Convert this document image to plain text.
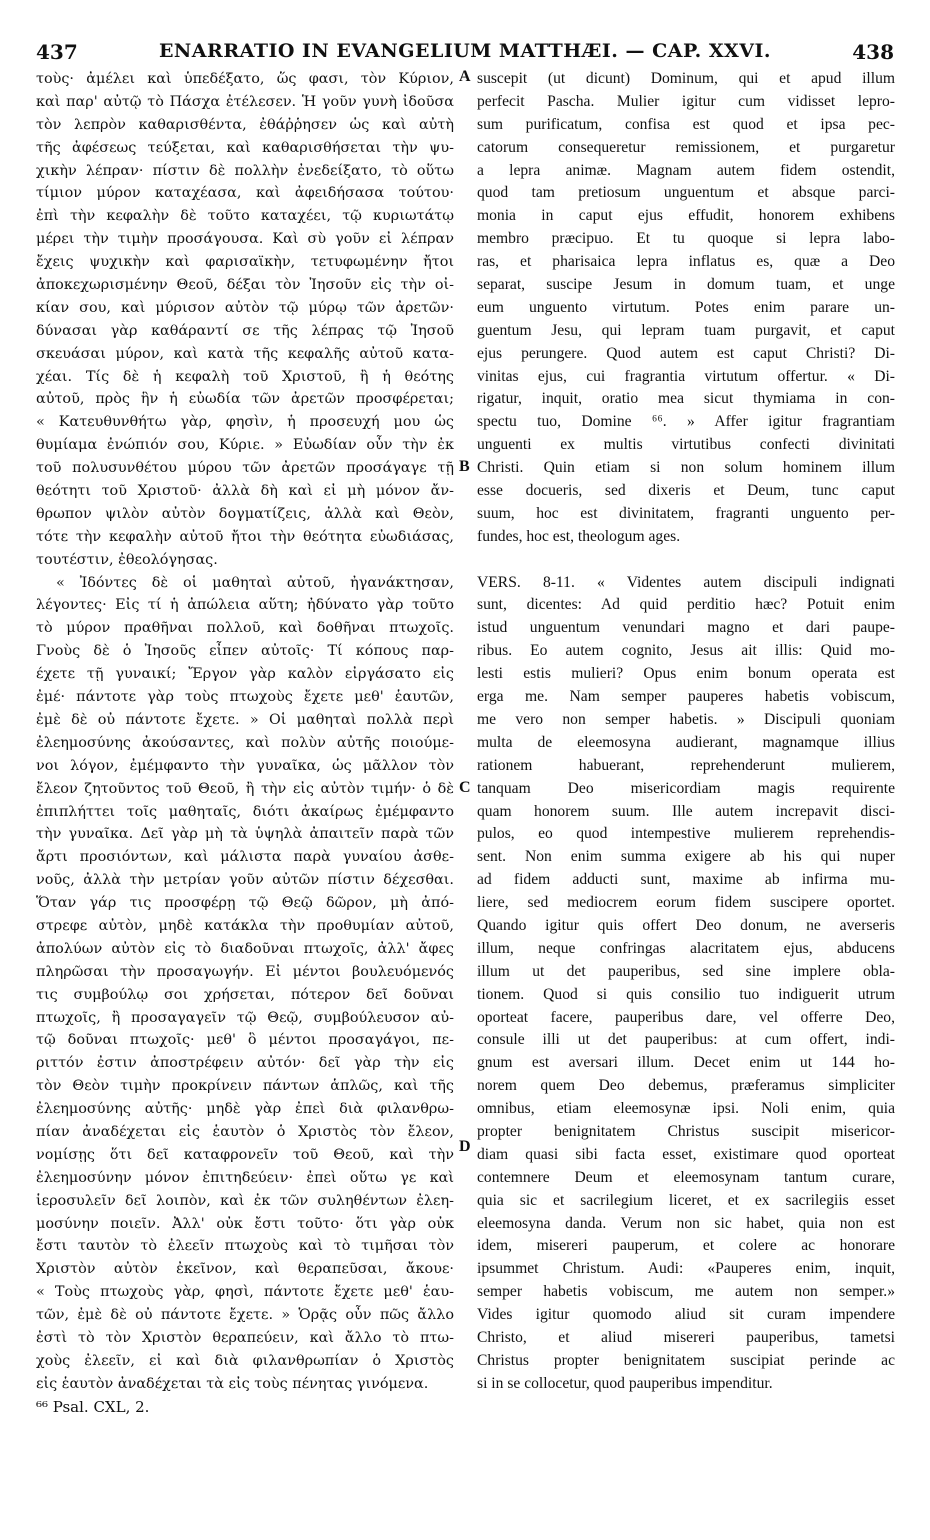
437	ENARRATIO IN EVANGELIUM MATTHÆI. — CAP. XXVI.	438
A
B
C
D
τοὺς· ἀμέλει καὶ ὑπεδέξατο, ὥς φασι, τὸν Κύριον,
καὶ παρ' αὐτῷ τὸ Πάσχα ἐτέλεσεν. Ἡ γοῦν γυνὴ ἰδοῦσα
τὸν λεπρὸν καθαρισθέντα, ἐθάῤῥησεν ὡς καὶ αὐτὴ
τῆς ἀφέσεως τεύξεται, καὶ καθαρισθήσεται τὴν ψυ-
χικὴν λέπραν· πίστιν δὲ πολλὴν ἐνεδείξατο, τὸ οὕτω
τίμιον μύρον καταχέασα, καὶ ἀφειδήσασα τούτου·
ἐπὶ τὴν κεφαλὴν δὲ τοῦτο καταχέει, τῷ κυριωτάτῳ
μέρει τὴν τιμὴν προσάγουσα. Καὶ σὺ γοῦν εἰ λέπραν
ἔχεις ψυχικὴν καὶ φαρισαϊκὴν, τετυφωμένην ἤτοι
ἀποκεχωρισμένην Θεοῦ, δέξαι τὸν Ἰησοῦν εἰς τὴν οἰ-
κίαν σου, καὶ μύρισον αὐτὸν τῷ μύρῳ τῶν ἀρετῶν·
δύνασαι γὰρ καθάραντί σε τῆς λέπρας τῷ Ἰησοῦ
σκευάσαι μύρον, καὶ κατὰ τῆς κεφαλῆς αὐτοῦ κατα-
χέαι. Τίς δὲ ἡ κεφαλὴ τοῦ Χριστοῦ, ἢ ἡ θεότης
αὐτοῦ, πρὸς ἣν ἡ εὐωδία τῶν ἀρετῶν προσφέρεται;
« Κατευθυνθήτω γὰρ, φησὶν, ἡ προσευχή μου ὡς
θυμίαμα ἐνώπιόν σου, Κύριε. » Εὐωδίαν οὖν τὴν ἐκ
τοῦ πολυσυνθέτου μύρου τῶν ἀρετῶν προσάγαγε τῇ
θεότητι τοῦ Χριστοῦ· ἀλλὰ δὴ καὶ εἰ μὴ μόνον ἄν-
θρωπον ψιλὸν αὐτὸν δογματίζεις, ἀλλὰ καὶ Θεὸν,
τότε τὴν κεφαλὴν αὐτοῦ ἤτοι τὴν θεότητα εὐωδιάσας,
τουτέστιν, ἐθεολόγησας.
« Ἰδόντες δὲ οἱ μαθηταὶ αὐτοῦ, ἠγανάκτησαν,
λέγοντες· Εἰς τί ἡ ἀπώλεια αὕτη; ἠδύνατο γὰρ τοῦτο
τὸ μύρον πραθῆναι πολλοῦ, καὶ δοθῆναι πτωχοῖς.
Γνοὺς δὲ ὁ Ἰησοῦς εἶπεν αὐτοῖς· Τί κόπους παρ-
έχετε τῇ γυναικί; Ἔργον γὰρ καλὸν εἰργάσατο εἰς
ἐμέ· πάντοτε γὰρ τοὺς πτωχοὺς ἔχετε μεθ' ἑαυτῶν,
ἐμὲ δὲ οὐ πάντοτε ἔχετε. » Οἱ μαθηταὶ πολλὰ περὶ
ἐλεημοσύνης ἀκούσαντες, καὶ πολὺν αὐτῆς ποιούμε-
νοι λόγον, ἐμέμφαντο τὴν γυναῖκα, ὡς μᾶλλον τὸν
ἔλεον ζητοῦντος τοῦ Θεοῦ, ἢ τὴν εἰς αὐτὸν τιμήν· ὁ δὲ
ἐπιπλήττει τοῖς μαθηταῖς, διότι ἀκαίρως ἐμέμφαντο
τὴν γυναῖκα. Δεῖ γὰρ μὴ τὰ ὑψηλὰ ἀπαιτεῖν παρὰ τῶν
ἄρτι προσιόντων, καὶ μάλιστα παρὰ γυναίου ἀσθε-
νοῦς, ἀλλὰ τὴν μετρίαν γοῦν αὐτῶν πίστιν δέχεσθαι.
Ὅταν γάρ τις προσφέρῃ τῷ Θεῷ δῶρον, μὴ ἀπό-
στρεφε αὐτὸν, μηδὲ κατάκλα τὴν προθυμίαν αὐτοῦ,
ἀπολύων αὐτὸν εἰς τὸ διαδοῦναι πτωχοῖς, ἀλλ' ἄφες
πληρῶσαι τὴν προσαγωγήν. Εἰ μέντοι βουλευόμενός
τις συμβούλῳ σοι χρήσεται, πότερον δεῖ δοῦναι
πτωχοῖς, ἢ προσαγαγεῖν τῷ Θεῷ, συμβούλευσον αὐ-
τῷ δοῦναι πτωχοῖς· μεθ' ὃ μέντοι προσαγάγοι, πε-
ριττόν ἐστιν ἀποστρέφειν αὐτόν· δεῖ γὰρ τὴν εἰς
τὸν Θεὸν τιμὴν προκρίνειν πάντων ἁπλῶς, καὶ τῆς
ἐλεημοσύνης αὐτῆς· μηδὲ γὰρ ἐπεὶ διὰ φιλανθρω-
πίαν ἀναδέχεται εἰς ἑαυτὸν ὁ Χριστὸς τὸν ἔλεον,
νομίσῃς ὅτι δεῖ καταφρονεῖν τοῦ Θεοῦ, καὶ τὴν
ἐλεημοσύνην μόνον ἐπιτηδεύειν· ἐπεὶ οὕτω γε καὶ
ἱεροσυλεῖν δεῖ λοιπὸν, καὶ ἐκ τῶν συληθέντων ἐλεη-
μοσύνην ποιεῖν. Ἀλλ' οὐκ ἔστι τοῦτο· ὅτι γὰρ οὐκ
ἔστι ταυτὸν τὸ ἐλεεῖν πτωχοὺς καὶ τὸ τιμῆσαι τὸν
Χριστὸν αὐτὸν ἐκεῖνον, καὶ θεραπεῦσαι, ἄκουε·
« Τοὺς πτωχοὺς γὰρ, φησὶ, πάντοτε ἔχετε μεθ' ἑαυ-
τῶν, ἐμὲ δὲ οὐ πάντοτε ἔχετε. » Ὁρᾷς οὖν πῶς ἄλλο
ἐστὶ τὸ τὸν Χριστὸν θεραπεύειν, καὶ ἄλλο τὸ πτω-
χοὺς ἐλεεῖν, εἰ καὶ διὰ φιλανθρωπίαν ὁ Χριστὸς
εἰς ἑαυτὸν ἀναδέχεται τὰ εἰς τοὺς πένητας γινόμενα.
⁶⁶ Psal. CXL, 2.
suscepit (ut dicunt) Dominum, qui et apud illum
perfecit Pascha. Mulier igitur cum vidisset lepro-
sum purificatum, confisa est quod et ipsa pec-
catorum consequeretur remissionem, et purgaretur
a lepra animæ. Magnam autem fidem ostendit,
quod tam pretiosum unguentum et absque parci-
monia in caput ejus effudit, honorem exhibens
membro præcipuo. Et tu quoque si lepra labo-
ras, et pharisaica lepra inflatus es, quæ a Deo
separat, suscipe Jesum in domum tuam, et unge
eum unguento virtutum. Potes enim parare un-
guentum Jesu, qui lepram tuam purgavit, et caput
ejus perungere. Quod autem est caput Christi? Di-
vinitas ejus, cui fragrantia virtutum offertur. « Di-
rigatur, inquit, oratio mea sicut thymiama in con-
spectu tuo, Domine ⁶⁶. » Affer igitur fragrantiam
unguenti ex multis virtutibus confecti divinitati
Christi. Quin etiam si non solum hominem illum
esse docueris, sed dixeris et Deum, tunc caput
suum, hoc est divinitatem, fragranti unguento per-
fundes, hoc est, theologum ages.
VERS. 8-11. « Videntes autem discipuli indignati
sunt, dicentes: Ad quid perditio hæc? Potuit enim
istud unguentum venundari magno et dari paupe-
ribus. Eo autem cognito, Jesus ait illis: Quid mo-
lesti estis mulieri? Opus enim bonum operata est
erga me. Nam semper pauperes habetis vobiscum,
me vero non semper habetis. » Discipuli quoniam
multa de eleemosyna audierant, magnamque illius
rationem habuerant, reprehenderunt mulierem,
tanquam Deo misericordiam magis requirente
quam honorem suum. Ille autem increpavit disci-
pulos, eo quod intempestive mulierem reprehendis-
sent. Non enim summa exigere ab his qui nuper
ad fidem adducti sunt, maxime ab infirma mu-
liere, sed mediocrem eorum fidem suscipere oportet.
Quando igitur quis offert Deo donum, ne averseris
illum, neque confringas alacritatem ejus, abducens
illum ut det pauperibus, sed sine implere obla-
tionem. Quod si quis consilio tuo indiguerit utrum
oporteat facere, pauperibus dare, vel offerre Deo,
consule illi ut det pauperibus: at cum offert, indi-
gnum est aversari illum. Decet enim ut 144 ho-
norem quem Deo debemus, præferamus simpliciter
omnibus, etiam eleemosynæ ipsi. Noli enim, quia
propter benignitatem Christus suscipit misericor-
diam quasi sibi facta esset, existimare quod oporteat
contemnere Deum et eleemosynam tantum curare,
quia sic et sacrilegium liceret, et ex sacrilegiis esset
eleemosyna danda. Verum non sic habet, quia non est
idem, misereri pauperum, et colere ac honorare
ipsummet Christum. Audi: «Pauperes enim, inquit,
semper habetis vobiscum, me autem non semper.»
Vides igitur quomodo aliud sit curam impendere
Christo, et aliud misereri pauperibus, tametsi
Christus propter benignitatem suscipiat perinde ac
si in se collocetur, quod pauperibus impenditur.
